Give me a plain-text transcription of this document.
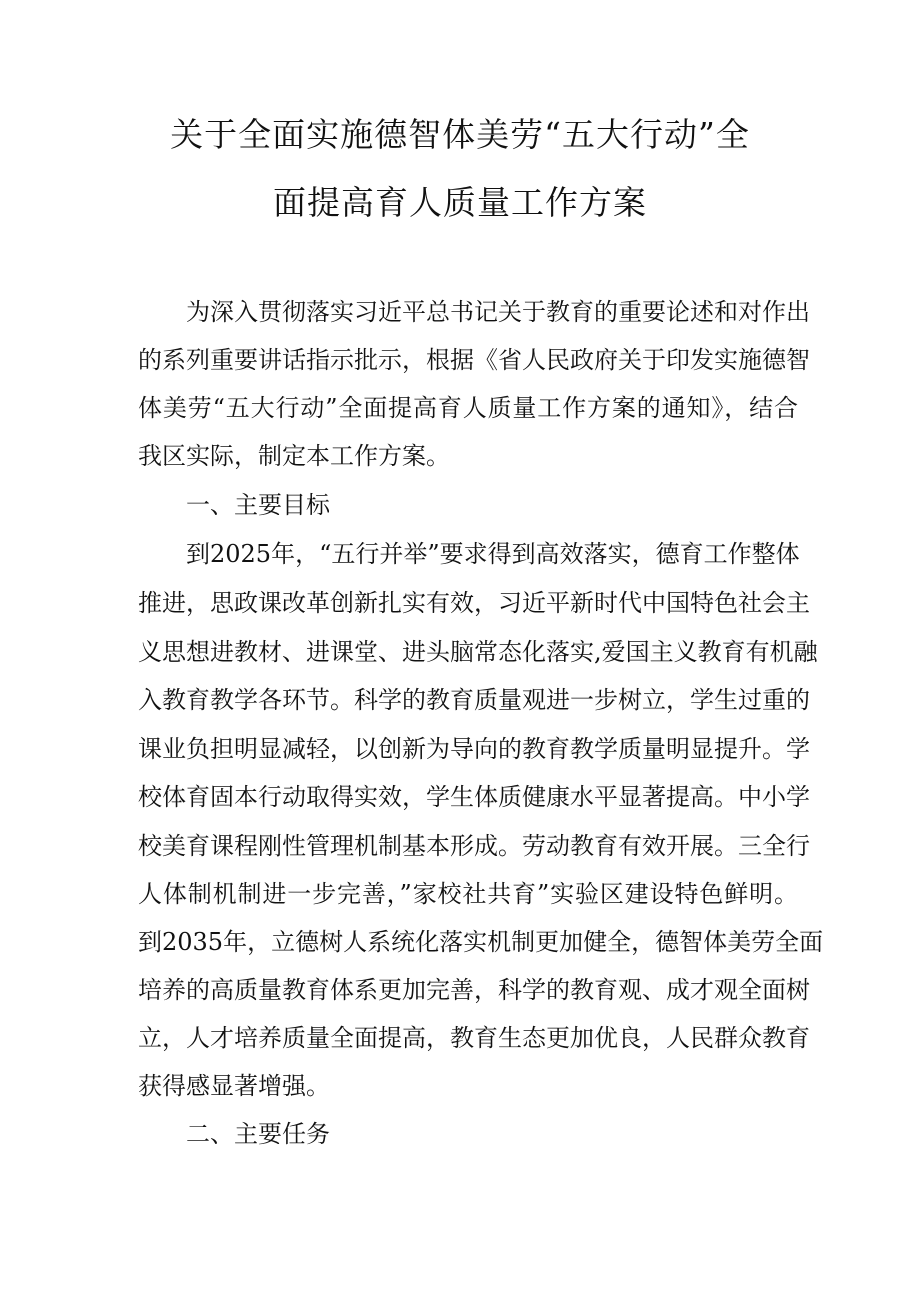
关于全面实施德智体美劳“五大行动”全
面提高育人质量工作方案
为深入贯彻落实习近平总书记关于教育的重要论述和对作出
的系列重要讲话指示批示，根据《省人民政府关于印发实施德智
体美劳“五大行动”全面提高育人质量工作方案的通知》，结合
我区实际，制定本工作方案。
一、主要目标
到2025年，“五行并举”要求得到高效落实，德育工作整体
推进，思政课改革创新扎实有效，习近平新时代中国特色社会主
义思想进教材、进课堂、进头脑常态化落实,爱国主义教育有机融
入教育教学各环节。科学的教育质量观进一步树立，学生过重的
课业负担明显减轻，以创新为导向的教育教学质量明显提升。学
校体育固本行动取得实效，学生体质健康水平显著提高。中小学
校美育课程刚性管理机制基本形成。劳动教育有效开展。三全行
人体制机制进一步完善，”家校社共育”实验区建设特色鲜明。
到2035年，立德树人系统化落实机制更加健全，德智体美劳全面
培养的高质量教育体系更加完善，科学的教育观、成才观全面树
立，人才培养质量全面提高，教育生态更加优良，人民群众教育
获得感显著增强。
二、主要任务
